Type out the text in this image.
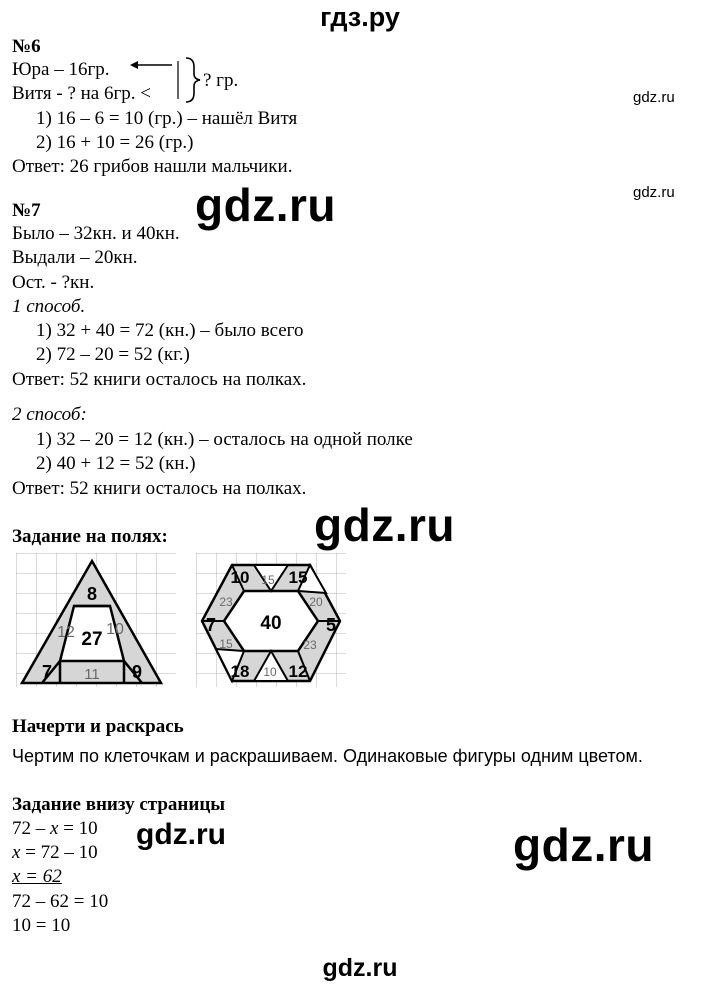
гдз.ру
№6
Юра – 16гр.
Витя - ? на 6гр. <
? гр.
1) 16 – 6 = 10 (гр.) – нашёл Витя
2) 16 + 10 = 26 (гр.)
Ответ: 26 грибов нашли мальчики.
gdz.ru
gdz.ru
gdz.ru
№7
Было – 32кн. и 40кн.
Выдали – 20кн.
Ост. - ?кн.
1 способ.
1) 32 + 40 = 72 (кн.) – было всего
2) 72 – 20 = 52 (кг.)
Ответ: 52 книги осталось на полках.
2 способ:
1) 32 – 20 = 12 (кн.) – осталось на одной полке
2) 40 + 12 = 52 (кн.)
Ответ: 52 книги осталось на полках.
gdz.ru
Задание на полях:
8
12 10
27
7 11 9
10 15 15
23	20
7 40 5
15	23
18 10 12
Начерти и раскрась
Чертим по клеточкам и раскрашиваем. Одинаковые фигуры одним цветом.
Задание внизу страницы
72 – x = 10
x = 72 – 10
x = 62
72 – 62 = 10
10 = 10
gdz.ru	gdz.ru
gdz.ru
